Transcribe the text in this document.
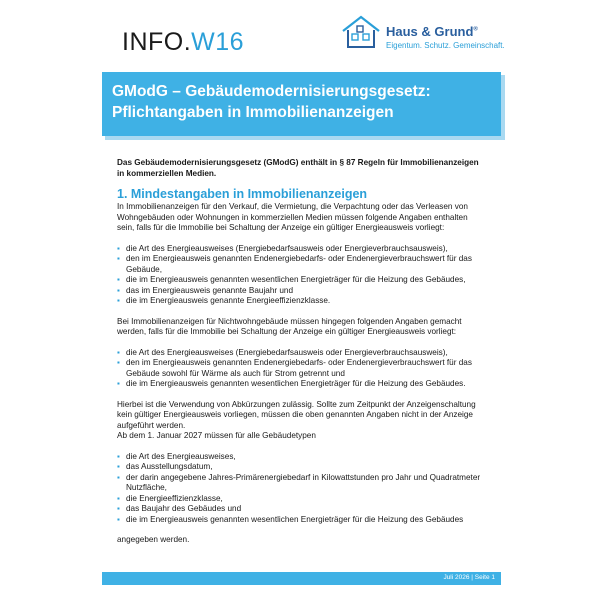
INFO.W16	Haus & Grund®
Eigentum. Schutz. Gemeinschaft.
GModG – Gebäudemodernisierungsgesetz:
Pflichtangaben in Immobilienanzeigen

Das Gebäudemodernisierungsgesetz (GModG) enthält in § 87 Regeln für Immobilienanzeigen in kommerziellen Medien.

1. Mindestangaben in Immobilienanzeigen

In Immobilienanzeigen für den Verkauf, die Vermietung, die Verpachtung oder das Verleasen von Wohngebäuden oder Wohnungen in kommerziellen Medien müssen folgende Angaben enthalten sein, falls für die Immobilie bei Schaltung der Anzeige ein gültiger Energieausweis vorliegt:

▪ die Art des Energieausweises (Energiebedarfsausweis oder Energieverbrauchsausweis),
▪ den im Energieausweis genannten Endenergiebedarfs- oder Endenergieverbrauchswert für das Gebäude,
▪ die im Energieausweis genannten wesentlichen Energieträger für die Heizung des Gebäudes,
▪ das im Energieausweis genannte Baujahr und
▪ die im Energieausweis genannte Energieeffizienzklasse.

Bei Immobilienanzeigen für Nichtwohngebäude müssen hingegen folgenden Angaben gemacht werden, falls für die Immobilie bei Schaltung der Anzeige ein gültiger Energieausweis vorliegt:

▪ die Art des Energieausweises (Energiebedarfsausweis oder Energieverbrauchsausweis),
▪ den im Energieausweis genannten Endenergiebedarfs- oder Endenergieverbrauchswert für das Gebäude sowohl für Wärme als auch für Strom getrennt und
▪ die im Energieausweis genannten wesentlichen Energieträger für die Heizung des Gebäudes.

Hierbei ist die Verwendung von Abkürzungen zulässig. Sollte zum Zeitpunkt der Anzeigenschaltung kein gültiger Energieausweis vorliegen, müssen die oben genannten Angaben nicht in der Anzeige aufgeführt werden.

Ab dem 1. Januar 2027 müssen für alle Gebäudetypen

▪ die Art des Energieausweises,
▪ das Ausstellungsdatum,
▪ der darin angegebene Jahres-Primärenergiebedarf in Kilowattstunden pro Jahr und Quadratmeter Nutzfläche,
▪ die Energieeffizienzklasse,
▪ das Baujahr des Gebäudes und
▪ die im Energieausweis genannten wesentlichen Energieträger für die Heizung des Gebäudes

angegeben werden.

Juli 2026 | Seite 1
